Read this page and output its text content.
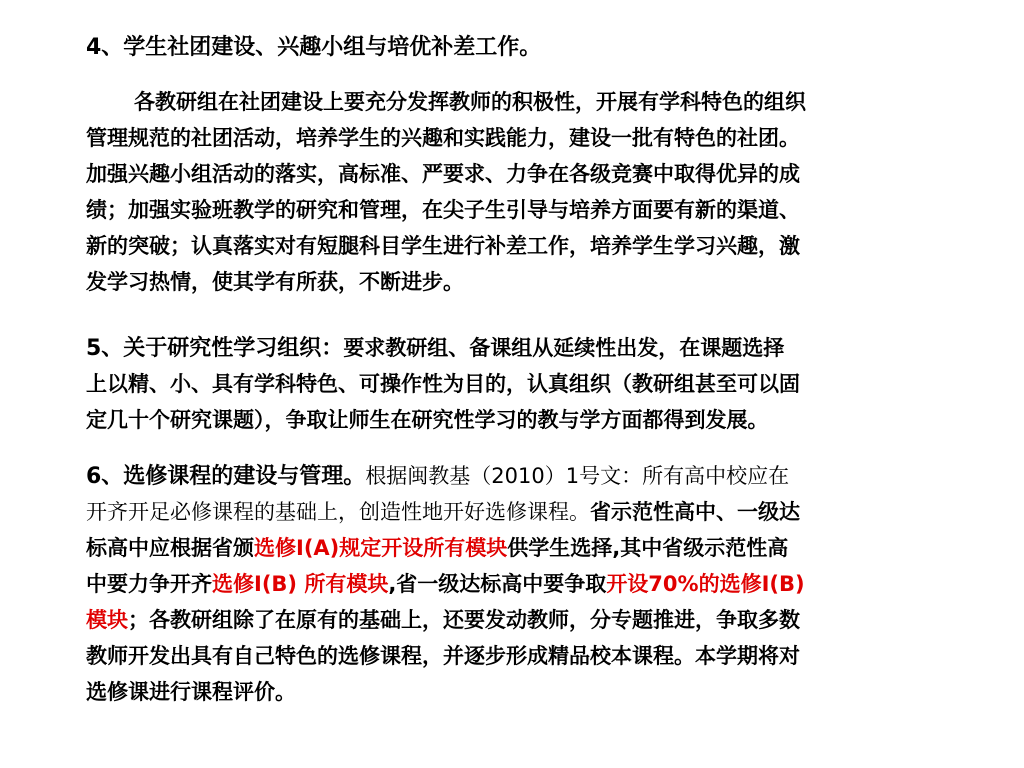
4、学生社团建设、兴趣小组与培优补差工作。
各教研组在社团建设上要充分发挥教师的积极性，开展有学科特色的组织
管理规范的社团活动，培养学生的兴趣和实践能力，建设一批有特色的社团。
加强兴趣小组活动的落实，高标准、严要求、力争在各级竞赛中取得优异的成
绩；加强实验班教学的研究和管理，在尖子生引导与培养方面要有新的渠道、
新的突破；认真落实对有短腿科目学生进行补差工作，培养学生学习兴趣，激
发学习热情，使其学有所获，不断进步。
5、关于研究性学习组织：要求教研组、备课组从延续性出发，在课题选择
上以精、小、具有学科特色、可操作性为目的，认真组织（教研组甚至可以固
定几十个研究课题），争取让师生在研究性学习的教与学方面都得到发展。
6、选修课程的建设与管理。根据闽教基（2010）1号文：所有高中校应在
开齐开足必修课程的基础上，创造性地开好选修课程。省示范性高中、一级达
标高中应根据省颁选修Ⅰ(A)规定开设所有模块供学生选择,其中省级示范性高
中要力争开齐选修Ⅰ(B) 所有模块,省一级达标高中要争取开设70%的选修Ⅰ(B)
模块；各教研组除了在原有的基础上，还要发动教师，分专题推进，争取多数
教师开发出具有自己特色的选修课程，并逐步形成精品校本课程。本学期将对
选修课进行课程评价。
